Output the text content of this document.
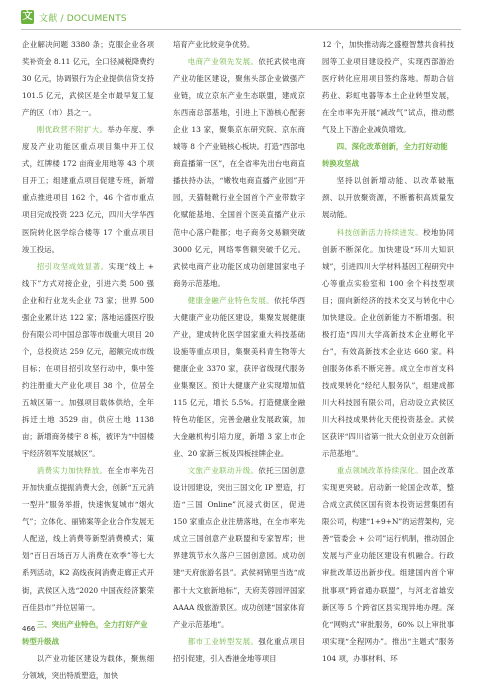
文 文献 / DOCUMENTS

企业解决问题 3380 条；克服企业各项奖补资金 8.11 亿元，全口径减税降费约 30 亿元，协调银行为企业提供信贷支持 101.5 亿元，武侯区是全市最早复工复产的区（市）县之一。

刚优政营不附扩大。举办年度、季度及产业功能区重点项目集中开工仪式，红牌楼 172 亩商业用地等 43 个项目开工；组建重点项目促建专班，新增重点推进项目 162 个，46 个省市重点项目完成投资 223 亿元，四川大学华西医院转化医学综合楼等 17 个重点项目竣工投运。

招引攻坚成效显著。实现“线上 + 线下”方式对接企业，引进六类 500 强企业和行业龙头企业 73 家；世界 500 强企业累计达 122 家；落地运盛医疗股份有限公司中国总部等市级重大项目 20 个，总投资达 259 亿元，超额完成市级目标；在项目招引攻坚行动中，集中签约注册重大产业化项目 38 个，位居全五城区第一。加强项目载体供给，全年拆迁土地 3529 亩，供应土地 1138 亩；新增商务楼宇 8 栋，被评为“中国楼宇经济领军发展城区”。

消费实力加快释放。在全市率先召开加快重点提振消费大会，创新“五元消一型升”服务举措，快速恢复城市“烟火气”；立体化、丽锦案等企业合作发展无人配送，线上消费等新型消费模式；策划“百日百场百万人消费在欢季”等七大系列活动，K2 高线夜间消费走廊正式开街，武侯区入选“2020 中国夜经济繁荣百佳县市”并位居第一。

三、突出产业特色，全力打好产业转型升级战

以产业功能区建设为载体，聚焦细分领域，突出特质塑造，加快

培育产业比较竞争优势。

电商产业领先发展。依托武侯电商产业功能区建设，聚焦头部企业做强产业链，成立京东产业生态联盟，建成京东西南总部基地，引进上下游核心配套企业 13 家，聚集京东研究院、京东商城等 8 个产业链核心板块。打造“西部电商直播第一区”，在全省率先出台电商直播扶持办法，“嫩牧电商直播产业园”开园，天猫鞋靴行业全国首个产业带数字化赋能基地、全国首个医美直播产业示范中心落户鞋都；电子商务交易额突破 3000 亿元，网络零售额突破千亿元。武侯电商产业功能区成功创建国家电子商务示范基地。

健康金融产业特色发展。依托华西大健康产业功能区建设，集聚发展健康产业，建成转化医学国家重大科技基础设施等重点项目，集聚美科青生物等大健康企业 3370 家，获评省级现代服务业集聚区。预计大健康产业实现增加值 115 亿元，增长 5.5%。打造健康金融特色功能区，完善金融业发展政策，加大金融机构引培力度，新增 3 家上市企业、20 家新三板及四板挂牌企业。

文旅产业联动升级。依托三国创意设计园建设，突出三国文化 IP 塑造，打造“三国 Online”沉浸式街区，促进 150 家重点企业注册落地，在全市率先成立三国创意产业联盟和专家智库；世界建筑节水久落户三国创意园。成功创建“天府旅游名县”。武侯祠锦里当选“成都十大文旅新地标”，天府芙蓉园评国家 AAAA 级旅游景区。成功创建“国家体育产业示范基地”。

都市工业转型发展。强化重点项目招引促建，引入香港金地等项目

12 个，加快推动海之盛橙智慧共食科技园等工业项目建设投产，实现西部游治医疗转化应用项目签约落地。帮助合信药业、彩虹电器等本土企业转型发展，在全市率先开展“减改气”试点，推动燃气及上下游企业减负增效。

四、深化改革创新，全力打好动能转换攻坚战

坚持以创新增动能、以改革破瓶颈、以开放聚资源，不断蓄积高质量发展动能。

科技创新活力持续迸发。校地协同创新不断深化。加快建设“环川大知识城”，引进四川大学材料基因工程研究中心等重点实验室和 100 余个科技型项目；面向新经济的技术交叉与转化中心加快建设。企业创新能力不断增强。积极打造“四川大学高新技术企业孵化平台”，有效高新技术企业达 660 家。科创服务体系不断完善。成立全市首支科技成果转化“经纪人服务队”，组建成都川大科技园有限公司，启动设立武侯区川大科技成果转化天使投资基金。武侯区获评“四川省第一批大众创业万众创新示范基地”。

重点领域改革持续深化。国企改革实现更突破。启动新一轮国企改革，整合成立武侯区国有资本投资运营集团有限公司，构建“1+9+N”的运营架构，完善“管委会 + 公司”运行机制，推动国企发展与产业功能区建设有机融合。行政审批改革迈出新步伐。组建国内首个审批事项“跨省通办联盟”，与河北省雄安新区等 5 个跨省区县实现异地办理。深化“网购式”审批服务，60% 以上审批事项实现“全程网办”。推出“主题式”服务 104 项，办事材料、环

466
